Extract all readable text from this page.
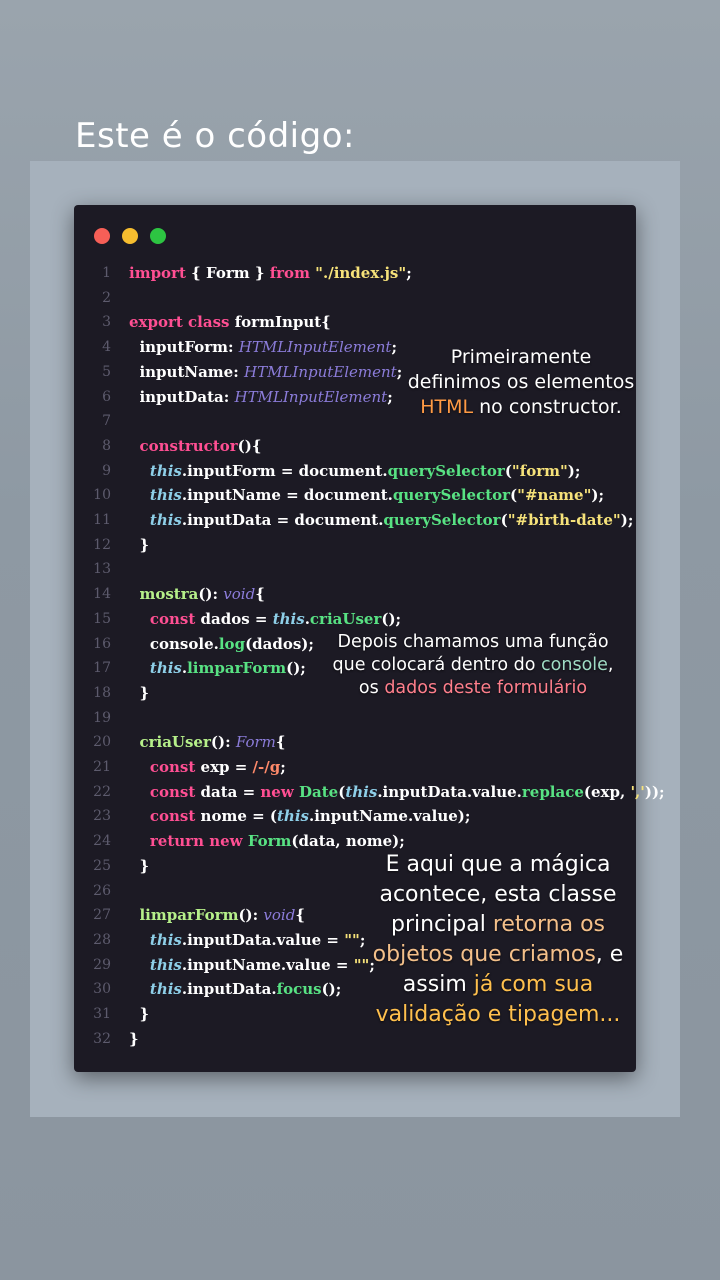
Este é o código:
1 import { Form } from "./index.js";
2
3 export class formInput{
4 inputForm: HTMLInputElement;
5 inputName: HTMLInputElement;
6 inputData: HTMLInputElement;
7
8	constructor(){
9	this.inputForm = document.querySelector("form");
10	this.inputName = document.querySelector("#name");
11	this.inputData = document.querySelector("#birth-date");
12 }
13
14	mostra(): void{
15	const dados = this.criaUser();
16 console.log(dados);
17	this.limparForm();
18 }
19
20	criaUser(): Form{
21	const exp = /-/g;
22	const data = new Date(this.inputData.value.replace(exp, ','));
23	const nome = (this.inputName.value);
24	return new Form(data, nome);
25 }
26
27	limparForm(): void{
28	this.inputData.value = "";
29	this.inputName.value = "";
30	this.inputData.focus();
31 }
32 }
Primeiramente
definimos os elementos
HTML no constructor.
Depois chamamos uma função
que colocará dentro do console,
os dados deste formulário
E aqui que a mágica
acontece, esta classe
principal retorna os
objetos que criamos, e
assim já com sua
validação e tipagem...
